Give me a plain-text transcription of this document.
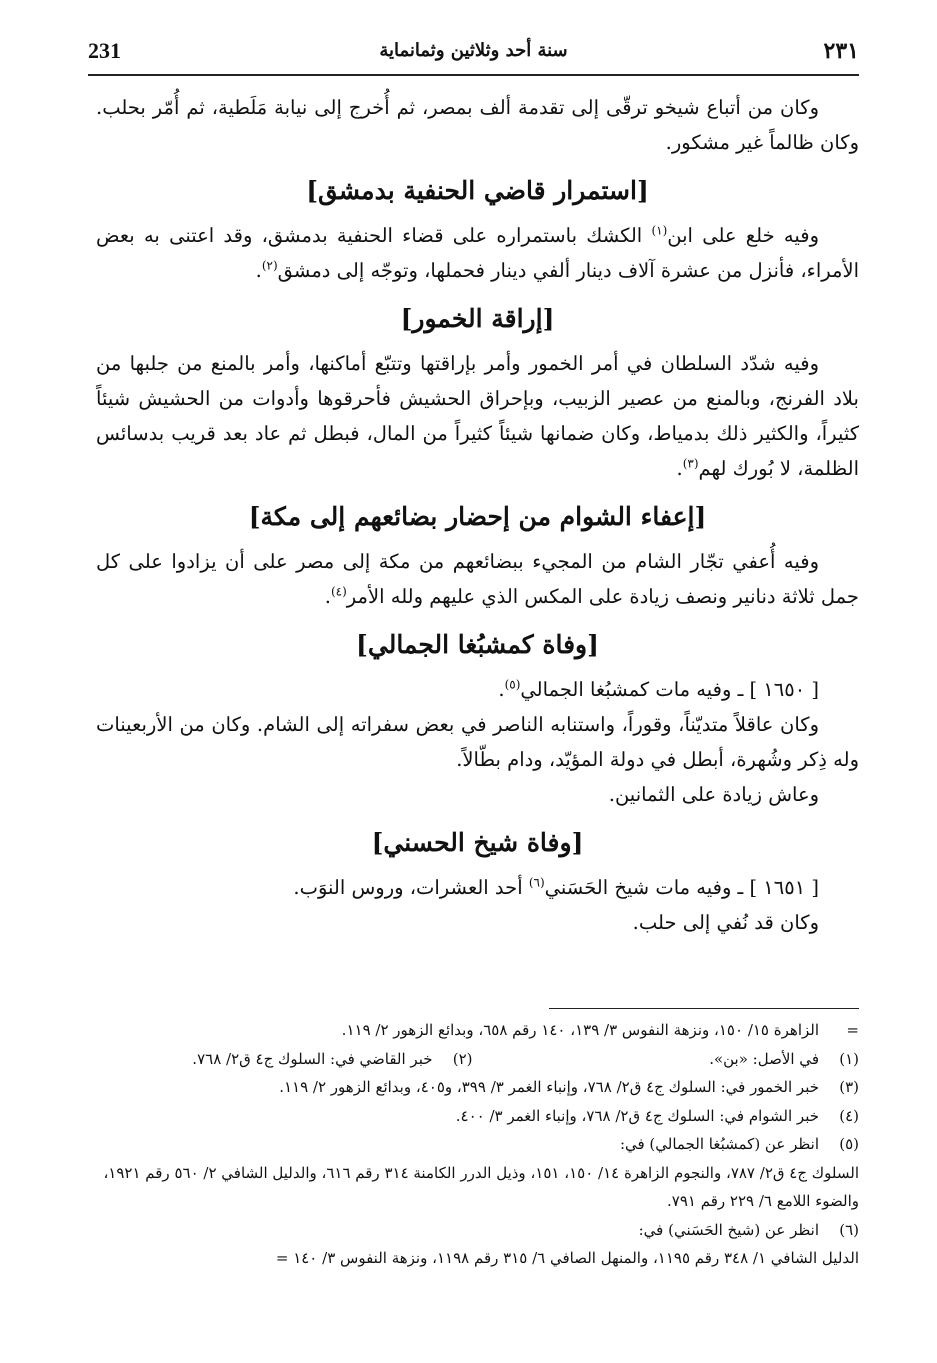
231	سنة أحد وثلاثين وثمانماية	٢٣١

وكان من أتباع شيخو ترقّى إلى تقدمة ألف بمصر، ثم أُخرج إلى نيابة مَلَطية، ثم أُمّر بحلب. وكان ظالماً غير مشكور.

[استمرار قاضي الحنفية بدمشق]

وفيه خلع على ابن$^{(١)}$ الكشك باستمراره على قضاء الحنفية بدمشق، وقد اعتنى به بعض الأمراء، فأنزل من عشرة آلاف دينار ألفي دينار فحملها، وتوجّه إلى دمشق$^{(٢)}$.

[إراقة الخمور]

وفيه شدّد السلطان في أمر الخمور وأمر بإراقتها وتتبّع أماكنها، وأمر بالمنع من جلبها من بلاد الفرنج، وبالمنع من عصير الزبيب، وبإحراق الحشيش فأحرقوها وأدوات من الحشيش شيئاً كثيراً، والكثير ذلك بدمياط، وكان ضمانها شيئاً كثيراً من المال، فبطل ثم عاد بعد قريب بدسائس الظلمة، لا بُورك لهم$^{(٣)}$.

[إعفاء الشوام من إحضار بضائعهم إلى مكة]

وفيه أُعفي تجّار الشام من المجيء ببضائعهم من مكة إلى مصر على أن يزادوا على كل جمل ثلاثة دنانير ونصف زيادة على المكس الذي عليهم ولله الأمر$^{(٤)}$.

[وفاة كمشبُغا الجمالي]

[ ١٦٥٠ ] ـ وفيه مات كمشبُغا الجمالي$^{(٥)}$.

وكان عاقلاً متديّناً، وقوراً، واستنابه الناصر في بعض سفراته إلى الشام. وكان من الأربعينات وله ذِكر وشُهرة، أبطل في دولة المؤيّد، ودام بطّالاً.

وعاش زيادة على الثمانين.

[وفاة شيخ الحسني]

[ ١٦٥١ ] ـ وفيه مات شيخ الحَسَني$^{(٦)}$ أحد العشرات، وروس النوَب.

وكان قد نُفي إلى حلب.

=
الزاهرة ١٥/ ١٥٠، ونزهة النفوس ٣/ ١٣٩، ١٤٠ رقم ٦٥٨، وبدائع الزهور ٢/ ١١٩.

(١)
في الأصل: «بن».
(٢)
خبر القاضي في: السلوك ج٤ ق٢/ ٧٦٨.

(٣)
خبر الخمور في: السلوك ج٤ ق٢/ ٧٦٨، وإنباء الغمر ٣/ ٣٩٩، و٤٠٥، وبدائع الزهور ٢/ ١١٩.

(٤)
خبر الشوام في: السلوك ج٤ ق٢/ ٧٦٨، وإنباء الغمر ٣/ ٤٠٠.

(٥)
انظر عن (كمشبُغا الجمالي) في:

السلوك ج٤ ق٢/ ٧٨٧، والنجوم الزاهرة ١٤/ ١٥٠، ١٥١، وذيل الدرر الكامنة ٣١٤ رقم ٦١٦، والدليل الشافي ٢/ ٥٦٠ رقم ١٩٢١، والضوء اللامع ٦/ ٢٢٩ رقم ٧٩١.

(٦)
انظر عن (شيخ الحَسَني) في:

الدليل الشافي ١/ ٣٤٨ رقم ١١٩٥، والمنهل الصافي ٦/ ٣١٥ رقم ١١٩٨، ونزهة النفوس ٣/ ١٤٠ =
